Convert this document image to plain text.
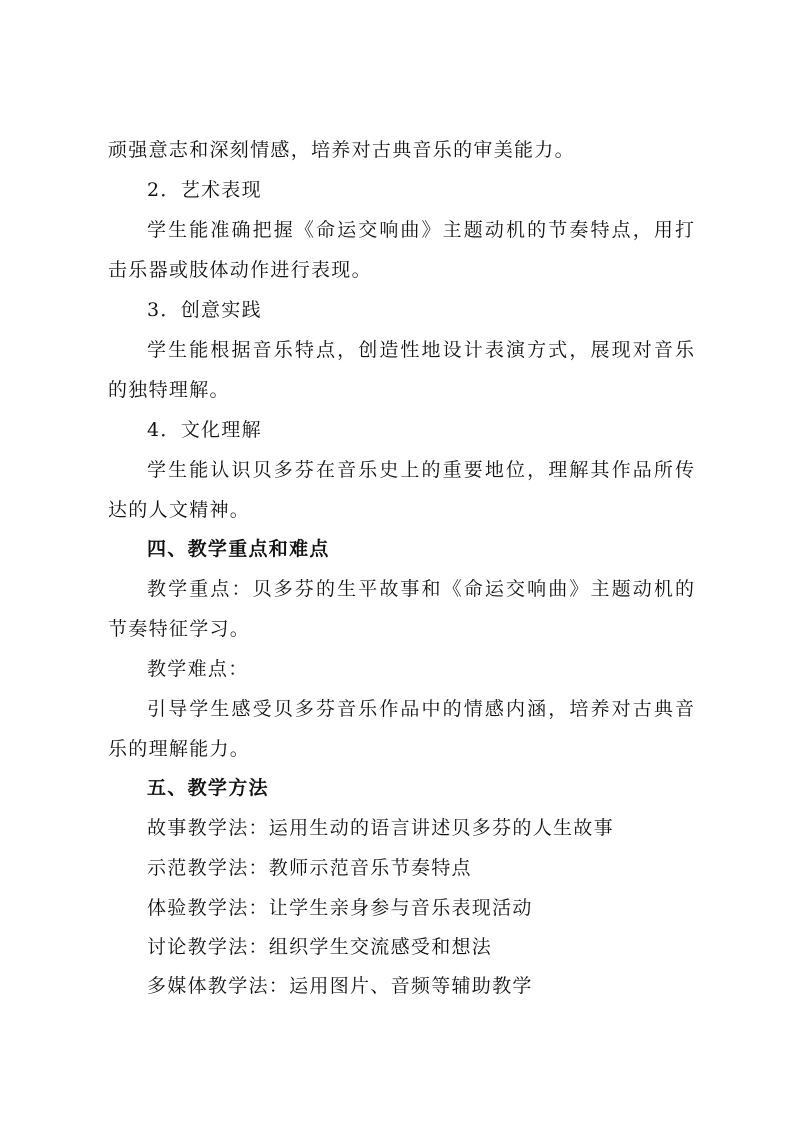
顽强意志和深刻情感，培养对古典音乐的审美能力。
2．艺术表现
学生能准确把握《命运交响曲》主题动机的节奏特点，用打
击乐器或肢体动作进行表现。
3．创意实践
学生能根据音乐特点，创造性地设计表演方式，展现对音乐
的独特理解。
4．文化理解
学生能认识贝多芬在音乐史上的重要地位，理解其作品所传
达的人文精神。
四、教学重点和难点
教学重点：贝多芬的生平故事和《命运交响曲》主题动机的
节奏特征学习。
教学难点：
引导学生感受贝多芬音乐作品中的情感内涵，培养对古典音
乐的理解能力。
五、教学方法
故事教学法：运用生动的语言讲述贝多芬的人生故事
示范教学法：教师示范音乐节奏特点
体验教学法：让学生亲身参与音乐表现活动
讨论教学法：组织学生交流感受和想法
多媒体教学法：运用图片、音频等辅助教学
